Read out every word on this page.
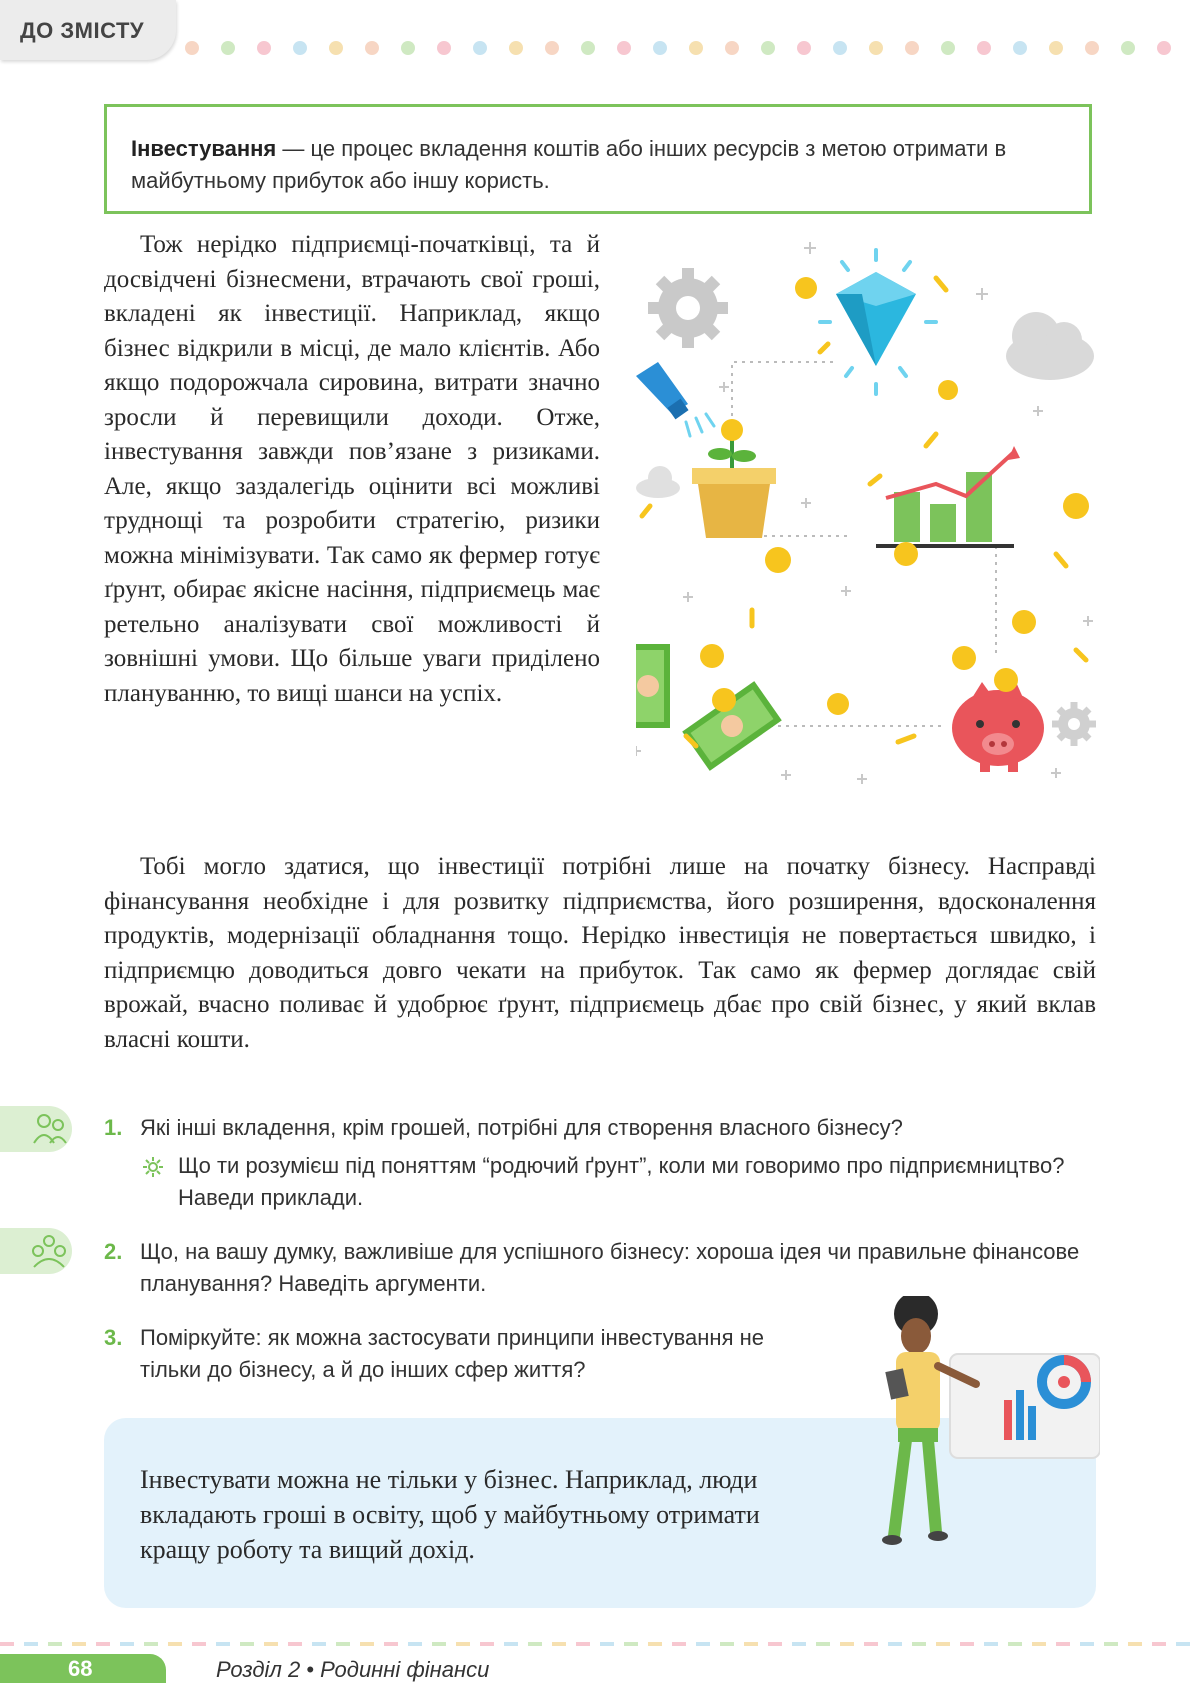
ДО ЗМІСТУ
Інвестування — це процес вкладення коштів або інших ресурсів з метою отримати в майбутньому прибуток або іншу користь.

Тож нерідко підприємці-початківці, та й досвідчені бізнесмени, втрачають свої гроші, вкладені як інвестиції. Наприклад, якщо бізнес відкрили в місці, де мало клієнтів. Або якщо подорожчала сировина, витрати значно зросли й перевищили доходи. Отже, інвестування завжди пов’язане з ризиками. Але, якщо заздалегідь оцінити всі можливі труднощі та розробити стратегію, ризики можна мінімізувати. Так само як фермер готує ґрунт, обирає якісне насіння, підприємець має ретельно аналізувати свої можливості й зовнішні умови. Що більше уваги приділено плануванню, то вищі шанси на успіх.

Тобі могло здатися, що інвестиції потрібні лише на початку бізнесу. Насправді фінансування необхідне і для розвитку підприємства, його розширення, вдосконалення продуктів, модернізації обладнання тощо. Нерідко інвестиція не повертається швидко, і підприємцю доводиться довго чекати на прибуток. Так само як фермер доглядає свій врожай, вчасно поливає й удобрює ґрунт, підприємець дбає про свій бізнес, у який вклав власні кошти.

1. Які інші вкладення, крім грошей, потрібні для створення власного бізнесу?
Що ти розумієш під поняттям “родючий ґрунт”, коли ми говоримо про підприємництво? Наведи приклади.
2. Що, на вашу думку, важливіше для успішного бізнесу: хороша ідея чи правильне фінансове планування? Наведіть аргументи.
3. Поміркуйте: як можна застосувати принципи інвестування не тільки до бізнесу, а й до інших сфер життя?
Інвестувати можна не тільки у бізнес. Наприклад, люди вкладають гроші в освіту, щоб у майбутньому отримати кращу роботу та вищий дохід.
68	Розділ 2 • Родинні фінанси
